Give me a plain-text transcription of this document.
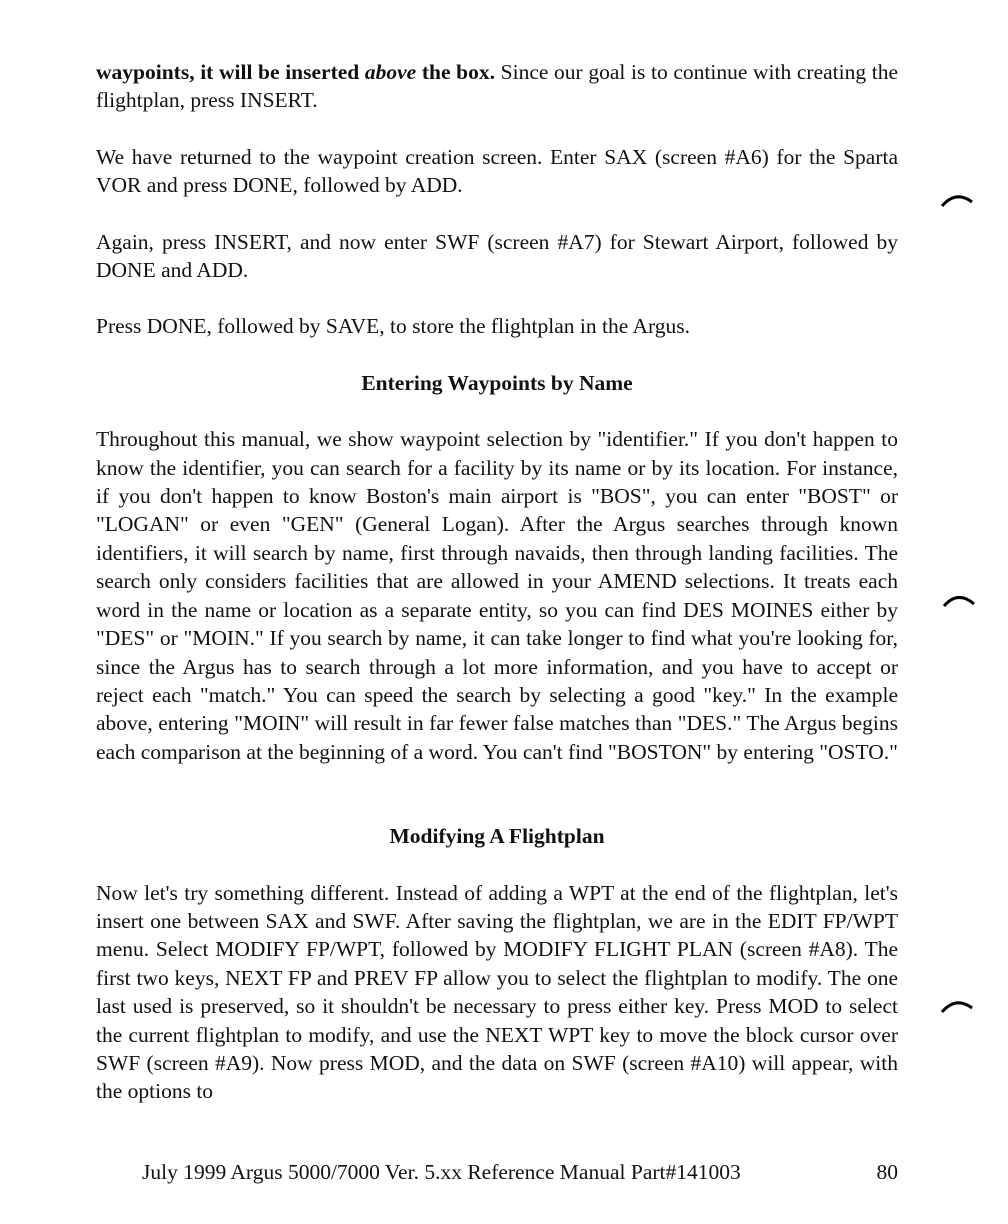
waypoints, it will be inserted above the box. Since our goal is to continue with creating the flightplan, press INSERT.

We have returned to the waypoint creation screen. Enter SAX (screen #A6) for the Sparta VOR and press DONE, followed by ADD.

Again, press INSERT, and now enter SWF (screen #A7) for Stewart Airport, followed by DONE and ADD.

Press DONE, followed by SAVE, to store the flightplan in the Argus.

Entering Waypoints by Name

Throughout this manual, we show waypoint selection by "identifier." If you don't happen to know the identifier, you can search for a facility by its name or by its location. For instance, if you don't happen to know Boston's main airport is "BOS", you can enter "BOST" or "LOGAN" or even "GEN" (General Logan). After the Argus searches through known identifiers, it will search by name, first through navaids, then through landing facilities. The search only considers facilities that are allowed in your AMEND selections. It treats each word in the name or location as a separate entity, so you can find DES MOINES either by "DES" or "MOIN." If you search by name, it can take longer to find what you're looking for, since the Argus has to search through a lot more information, and you have to accept or reject each "match." You can speed the search by selecting a good "key." In the example above, entering "MOIN" will result in far fewer false matches than "DES." The Argus begins each comparison at the beginning of a word. You can't find "BOSTON" by entering "OSTO."

Modifying A Flightplan

Now let's try something different. Instead of adding a WPT at the end of the flightplan, let's insert one between SAX and SWF. After saving the flightplan, we are in the EDIT FP/WPT menu. Select MODIFY FP/WPT, followed by MODIFY FLIGHT PLAN (screen #A8). The first two keys, NEXT FP and PREV FP allow you to select the flightplan to modify. The one last used is preserved, so it shouldn't be necessary to press either key. Press MOD to select the current flightplan to modify, and use the NEXT WPT key to move the block cursor over SWF (screen #A9). Now press MOD, and the data on SWF (screen #A10) will appear, with the options to

July 1999 Argus 5000/7000 Ver. 5.xx Reference Manual Part#141003	80
